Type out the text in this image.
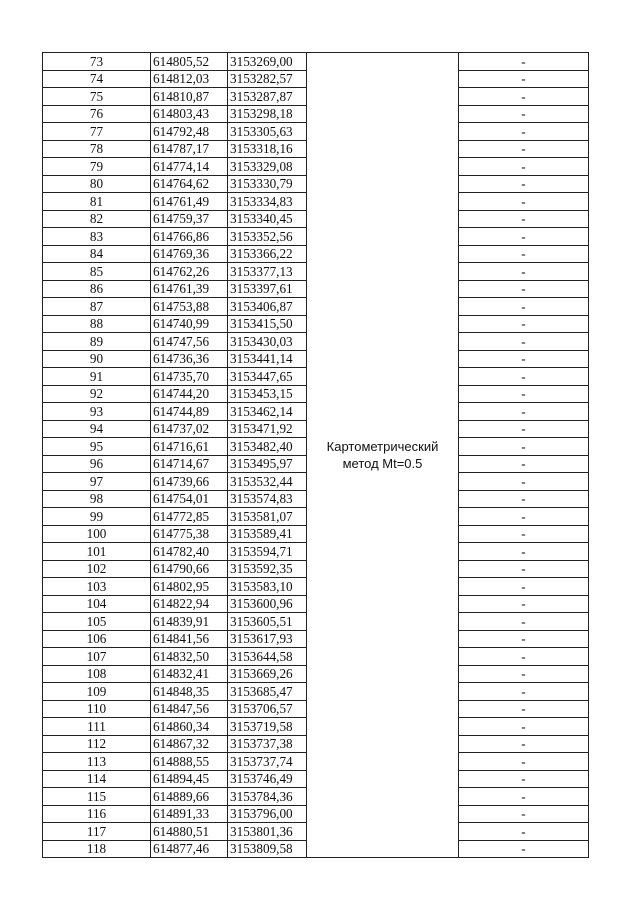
73	614805,52	3153269,00	Картометрический метод Mt=0.5	-
74	614812,03	3153282,57		-
75	614810,87	3153287,87		-
76	614803,43	3153298,18		-
77	614792,48	3153305,63		-
78	614787,17	3153318,16		-
79	614774,14	3153329,08		-
80	614764,62	3153330,79		-
81	614761,49	3153334,83		-
82	614759,37	3153340,45		-
83	614766,86	3153352,56		-
84	614769,36	3153366,22		-
85	614762,26	3153377,13		-
86	614761,39	3153397,61		-
87	614753,88	3153406,87		-
88	614740,99	3153415,50		-
89	614747,56	3153430,03		-
90	614736,36	3153441,14		-
91	614735,70	3153447,65		-
92	614744,20	3153453,15		-
93	614744,89	3153462,14		-
94	614737,02	3153471,92		-
95	614716,61	3153482,40		-
96	614714,67	3153495,97		-
97	614739,66	3153532,44		-
98	614754,01	3153574,83		-
99	614772,85	3153581,07		-
100	614775,38	3153589,41		-
101	614782,40	3153594,71		-
102	614790,66	3153592,35		-
103	614802,95	3153583,10		-
104	614822,94	3153600,96		-
105	614839,91	3153605,51		-
106	614841,56	3153617,93		-
107	614832,50	3153644,58		-
108	614832,41	3153669,26		-
109	614848,35	3153685,47		-
110	614847,56	3153706,57		-
111	614860,34	3153719,58		-
112	614867,32	3153737,38		-
113	614888,55	3153737,74		-
114	614894,45	3153746,49		-
115	614889,66	3153784,36		-
116	614891,33	3153796,00		-
117	614880,51	3153801,36		-
118	614877,46	3153809,58		-
